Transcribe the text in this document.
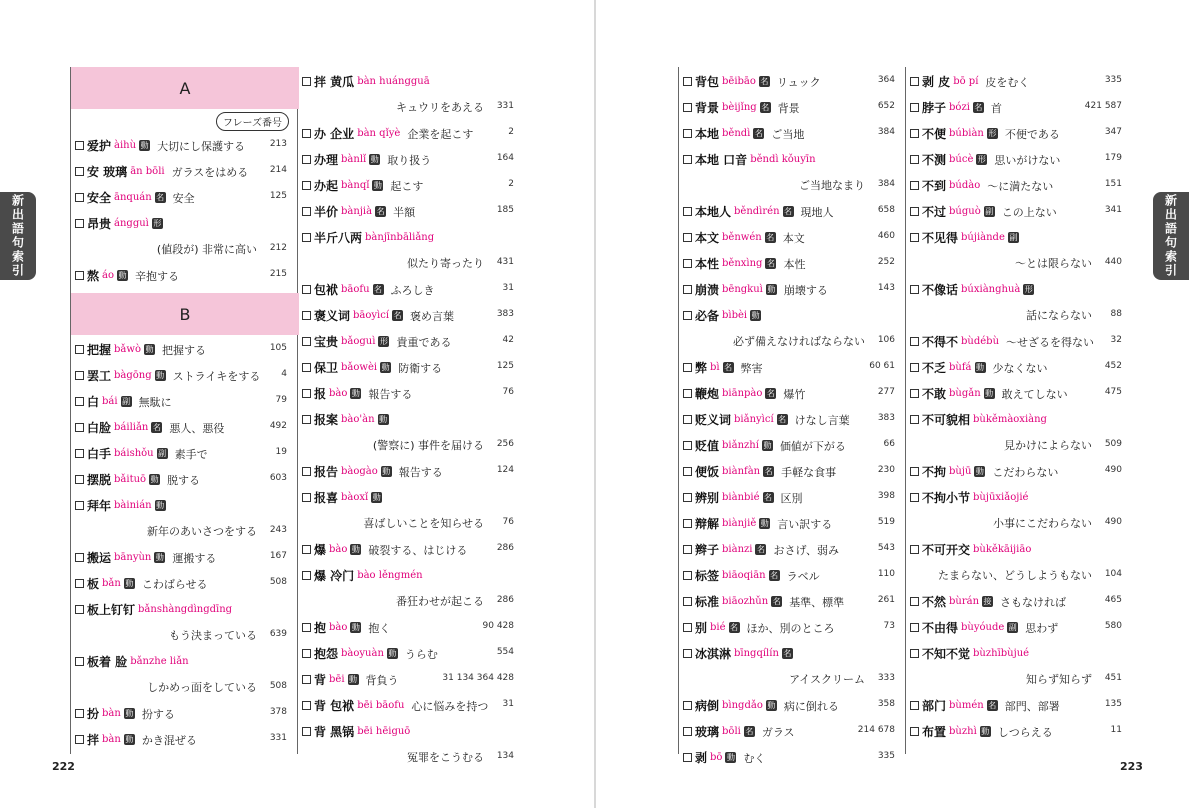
新出語句索引
A
フレーズ番号
爱护 àihù 動 大切にし保護する	213
安 玻璃 ān bōli ガラスをはめる 214
安全 ānquán 名 安全	125
昂贵 ángguì 形
(値段が) 非常に高い 212
熬 áo 動 辛抱する	215
B
把握 bǎwò 動 把握する	105
罢工 bàgōng 動 ストライキをする 4
白 bái 副 無駄に	79
白脸 báiliǎn 名 悪人、悪役	492
白手 báishǒu 副 素手で	19
摆脱 bǎituō 動 脱する	603
拜年 bàinián 動
新年のあいさつをする 243
搬运 bānyùn 動 運搬する	167
板 bǎn 動 こわばらせる	508
板上钉钉 bǎnshàngdìngdīng
もう決まっている 639
板着 脸 bǎnzhe liǎn
しかめっ面をしている 508
扮 bàn 動 扮する	378
拌 bàn 動 かき混ぜる	331
拌 黄瓜 bàn huángguā
キュウリをあえる 331
办 企业 bàn qǐyè 企業を起こす	2
办理 bànlǐ 動 取り扱う	164
办起 bànqǐ 動 起こす	2
半价 bànjià 名 半額	185
半斤八两 bànjīnbāliǎng
似たり寄ったり 431
包袱 bāofu 名 ふろしき	31
褒义词 bāoyìcí 名 褒め言葉	383
宝贵 bǎoguì 形 貴重である	42
保卫 bǎowèi 動 防衛する	125
报 bào 動 報告する	76
报案 bào'àn 動
(警察に) 事件を届ける 256
报告 bàogào 動 報告する	124
报喜 bàoxǐ 動
喜ばしいことを知らせる 76
爆 bào 動 破裂する、はじける	286
爆 冷门 bào lěngmén
番狂わせが起こる 286
抱 bào 動 抱く	90 428
抱怨 bàoyuàn 動 うらむ	554
背 bēi 動 背負う	31 134 364 428
背 包袱 bēi bāofu 心に悩みを持つ 31
背 黑锅 bēi hēiguō
冤罪をこうむる 134
222
新出語句索引
背包 bēibāo 名 リュック	364
背景 bèijǐng 名 背景	652
本地 běndì 名 ご当地	384
本地 口音 běndì kǒuyīn
ご当地なまり 384
本地人 běndìrén 名 現地人	658
本文 běnwén 名 本文	460
本性 běnxìng 名 本性	252
崩溃 bēngkuì 動 崩壊する	143
必备 bìbèi 動
必ず備えなければならない 106
弊 bì 名 弊害	60 61
鞭炮 biānpào 名 爆竹	277
贬义词 biǎnyìcí 名 けなし言葉	383
贬值 biǎnzhí 動 価値が下がる	66
便饭 biànfàn 名 手軽な食事	230
辨别 biànbié 名 区別	398
辩解 biànjiě 動 言い訳する	519
辫子 biànzi 名 おさげ、弱み	543
标签 biāoqiān 名 ラベル	110
标准 biāozhǔn 名 基準、標準	261
别 bié 名 ほか、別のところ	73
冰淇淋 bīngqílín 名
アイスクリーム 333
病倒 bìngdǎo 動 病に倒れる	358
玻璃 bōli 名 ガラス	214 678
剥 bō 動 むく	335
剥 皮 bō pí 皮をむく	335
脖子 bózi 名 首	421 587
不便 búbiàn 形 不便である	347
不测 búcè 形 思いがけない	179
不到 búdào 〜に満たない	151
不过 búguò 副 この上ない	341
不见得 bújiànde 副
〜とは限らない 440
不像话 búxiànghuà 形
話にならない 88
不得不 bùdébù 〜せざるを得ない 32
不乏 bùfá 動 少なくない	452
不敢 bùgǎn 動 敢えてしない	475
不可貌相 bùkěmàoxiàng
見かけによらない 509
不拘 bùjū 動 こだわらない	490
不拘小节 bùjūxiǎojié
小事にこだわらない 490
不可开交 bùkěkāijiāo
たまらない、どうしようもない 104
不然 bùrán 接 さもなければ	465
不由得 bùyóude 副 思わず	580
不知不觉 bùzhībùjué
知らず知らず 451
部门 bùmén 名 部門、部署	135
布置 bùzhì 動 しつらえる	11
223
